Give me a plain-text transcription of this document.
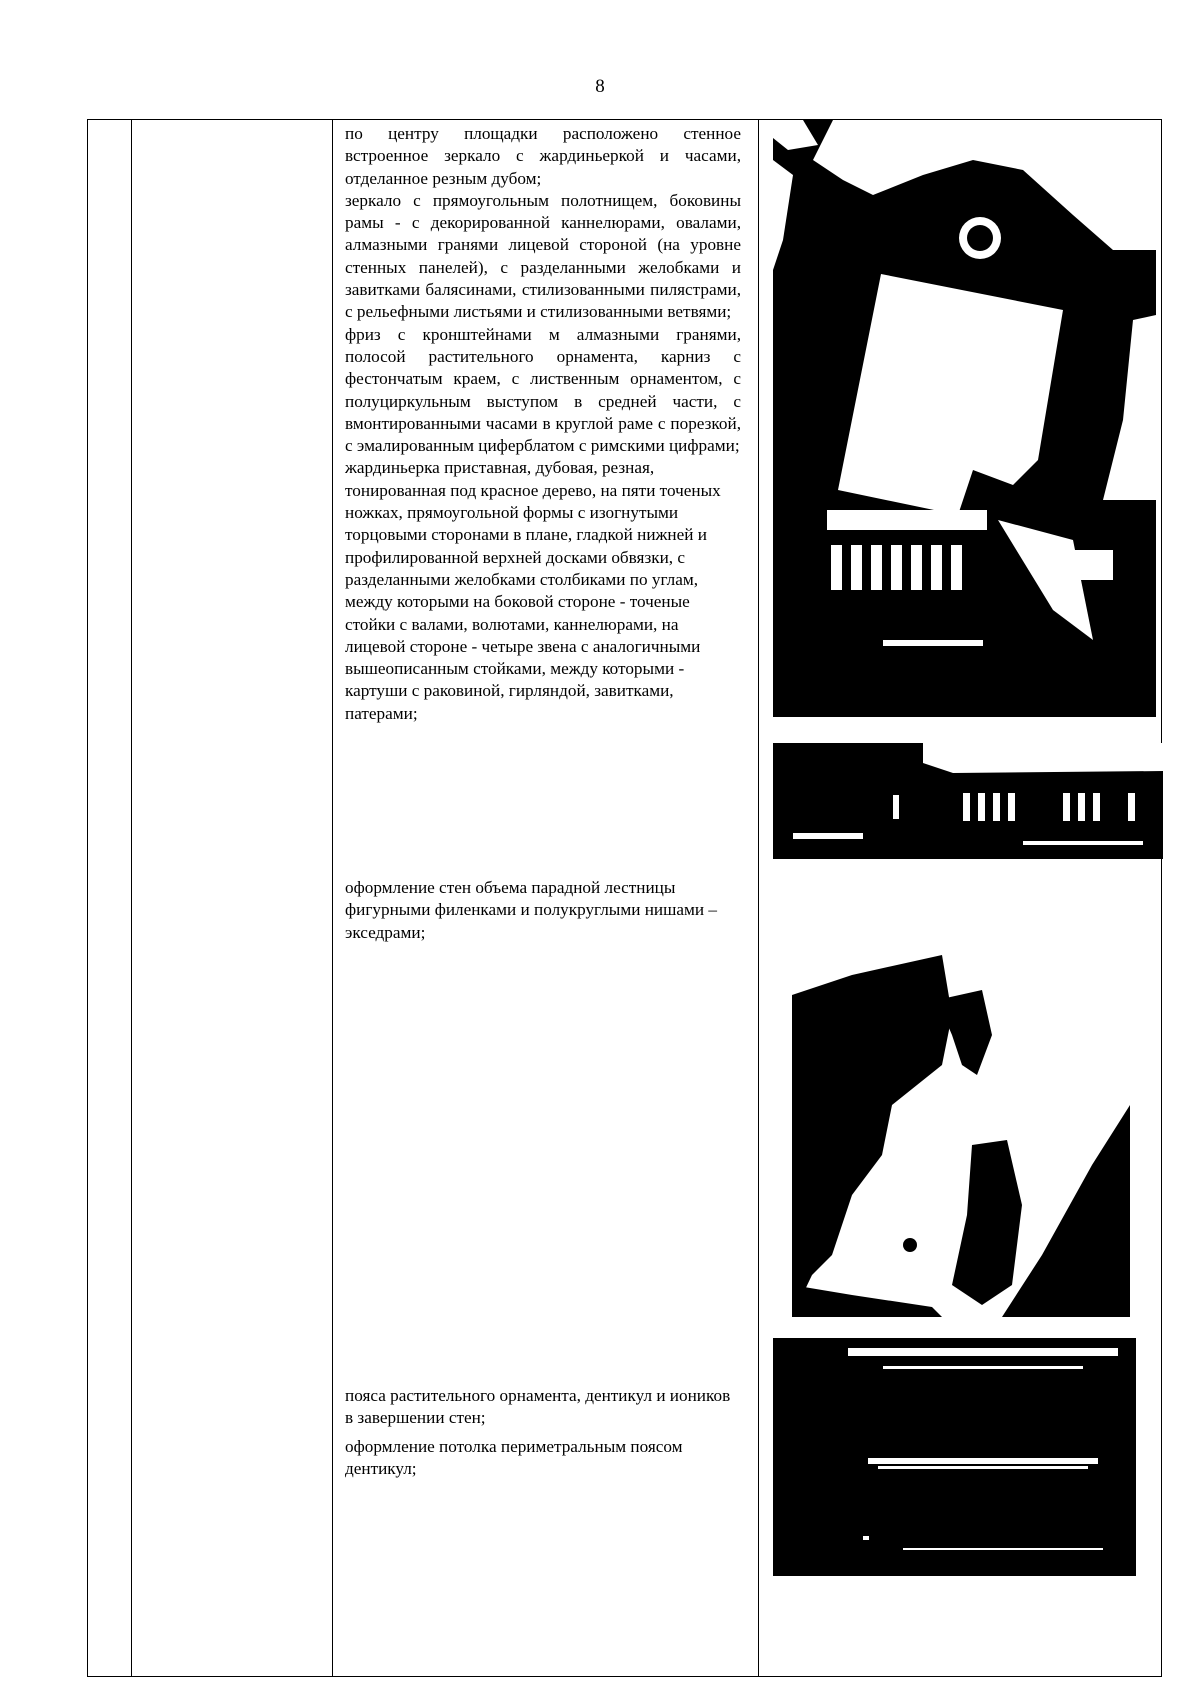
8
по центру площадки расположено стенное встроенное зеркало с жардиньеркой и часами, отделанное резным дубом;
зеркало с прямоугольным полотнищем, боковины рамы - с декорированной каннелюрами, овалами, алмазными гранями лицевой стороной (на уровне стенных панелей), с разделанными желобками и завитками балясинами, стилизованными пилястрами, с рельефными листьями и стилизованными ветвями;
фриз с кронштейнами м алмазными гранями, полосой растительного орнамента, карниз с фестончатым краем, с лиственным орнаментом, с полуциркульным выступом в средней части, с вмонтированными часами в круглой раме с порезкой, с эмалированным циферблатом с римскими цифрами;
жардиньерка приставная, дубовая, резная, тонированная под красное дерево, на пяти точеных ножках, прямоугольной формы с изогнутыми торцовыми сторонами в плане, гладкой нижней и профилированной верхней досками обвязки, с разделанными желобками столбиками по углам, между которыми на боковой стороне - точеные стойки с валами, волютами, каннелюрами, на лицевой стороне - четыре звена с аналогичными вышеописанным стойками, между которыми - картуши с раковиной, гирляндой, завитками, патерами;
оформление стен объема парадной лестницы фигурными филенками и полукруглыми нишами – экседрами;
пояса растительного орнамента, дентикул и иоников в завершении стен;
оформление потолка периметральным поясом дентикул;
